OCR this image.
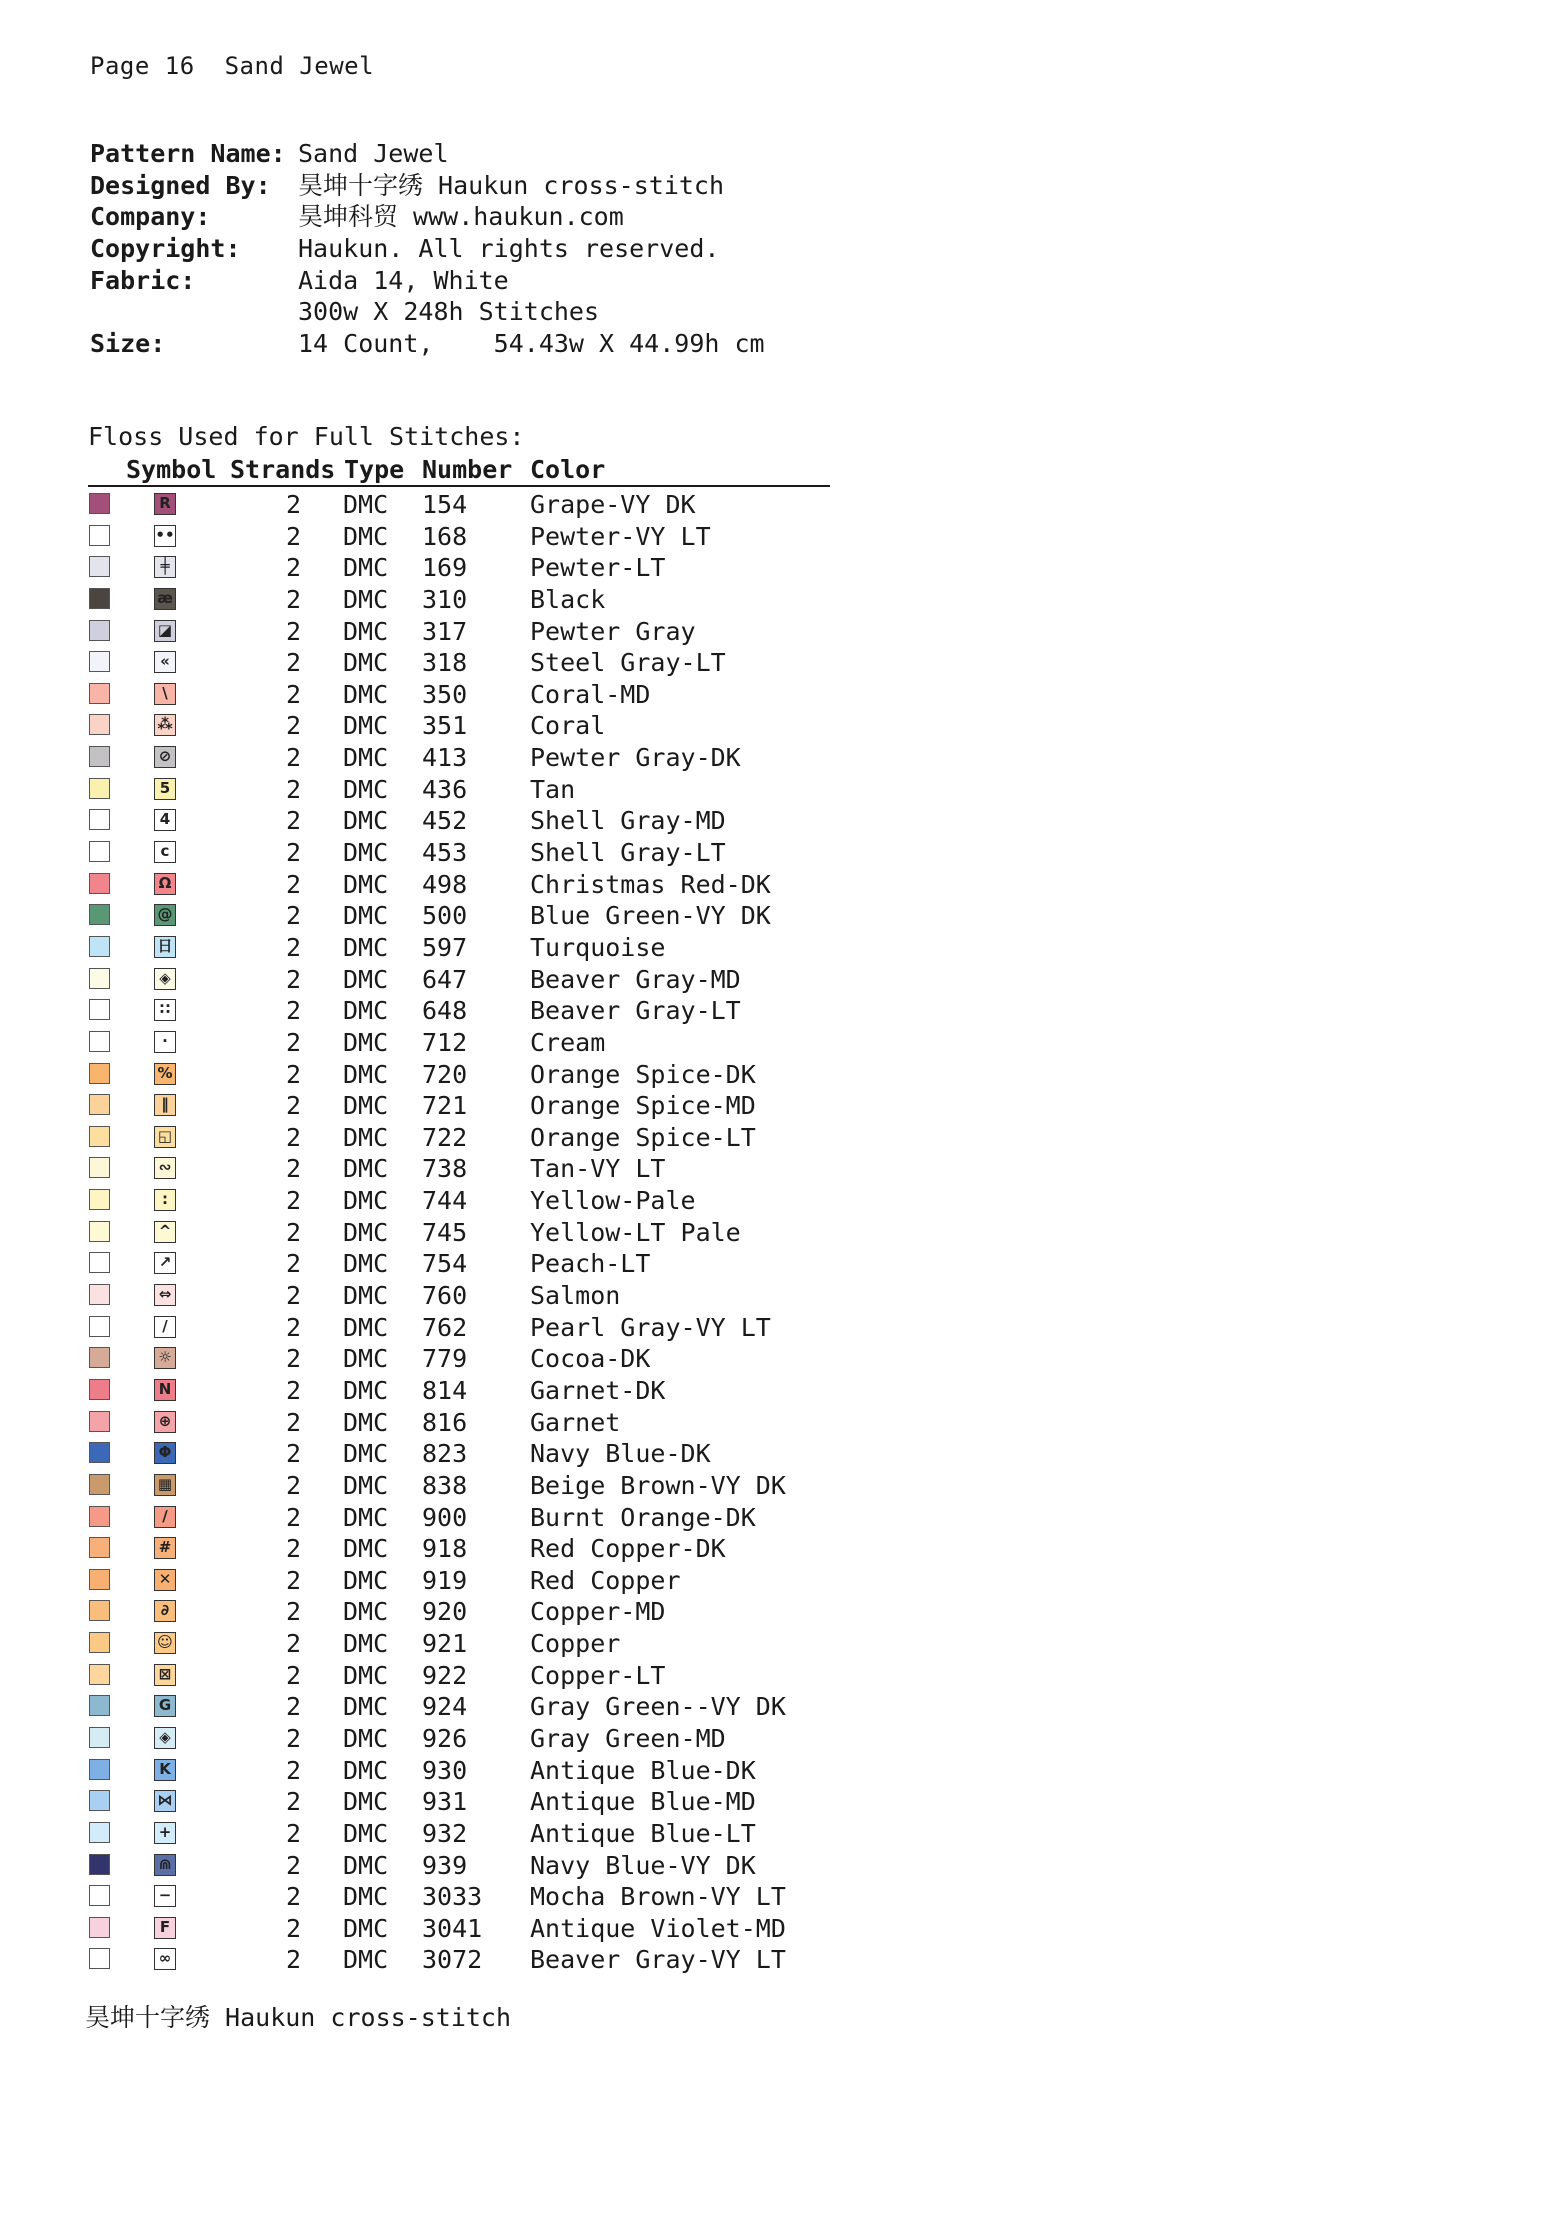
Page 16 Sand Jewel
Pattern Name: Sand Jewel
Designed By: 昊坤十字绣 Haukun cross-stitch
Company:	昊坤科贸 www.haukun.com
Copyright: Haukun. All rights reserved.
Fabric:	Aida 14, White
300w X 248h Stitches
Size:	14 Count,    54.43w X 44.99h cm
Floss Used for Full Stitches:
Symbol Strands Type Number Color
R	2 DMC 154	Grape-VY DK
••	2 DMC 168	Pewter-VY LT
╪	2 DMC 169	Pewter-LT
æ	2 DMC 310	Black
◪	2 DMC 317	Pewter Gray
«	2 DMC 318	Steel Gray-LT
\	2 DMC 350	Coral-MD
⁂	2 DMC 351	Coral
⊘	2 DMC 413	Pewter Gray-DK
5	2 DMC 436	Tan
4	2 DMC 452	Shell Gray-MD
c	2 DMC 453	Shell Gray-LT
Ω	2 DMC 498	Christmas Red-DK
@	2 DMC 500	Blue Green-VY DK
日	2 DMC 597	Turquoise
◈	2 DMC 647	Beaver Gray-MD
∷	2 DMC 648	Beaver Gray-LT
·	2 DMC 712	Cream
%	2 DMC 720	Orange Spice-DK
‖	2 DMC 721	Orange Spice-MD
◱	2 DMC 722	Orange Spice-LT
∾	2 DMC 738	Tan-VY LT
:	2 DMC 744	Yellow-Pale
^	2 DMC 745	Yellow-LT Pale
↗	2 DMC 754	Peach-LT
⇔	2 DMC 760	Salmon
/	2 DMC 762	Pearl Gray-VY LT
☼	2 DMC 779	Cocoa-DK
N	2 DMC 814	Garnet-DK
⊕	2 DMC 816	Garnet
Φ	2 DMC 823	Navy Blue-DK
▦	2 DMC 838	Beige Brown-VY DK
∕	2 DMC 900	Burnt Orange-DK
#	2 DMC 918	Red Copper-DK
✕	2 DMC 919	Red Copper
∂	2 DMC 920	Copper-MD
☺	2 DMC 921	Copper
⊠	2 DMC 922	Copper-LT
G	2 DMC 924	Gray Green--VY DK
◈	2 DMC 926	Gray Green-MD
K	2 DMC 930	Antique Blue-DK
⋈	2 DMC 931	Antique Blue-MD
+	2 DMC 932	Antique Blue-LT
⋒	2 DMC 939	Navy Blue-VY DK
−	2 DMC 3033 Mocha Brown-VY LT
F	2 DMC 3041 Antique Violet-MD
∞	2 DMC 3072 Beaver Gray-VY LT
昊坤十字绣 Haukun cross-stitch
